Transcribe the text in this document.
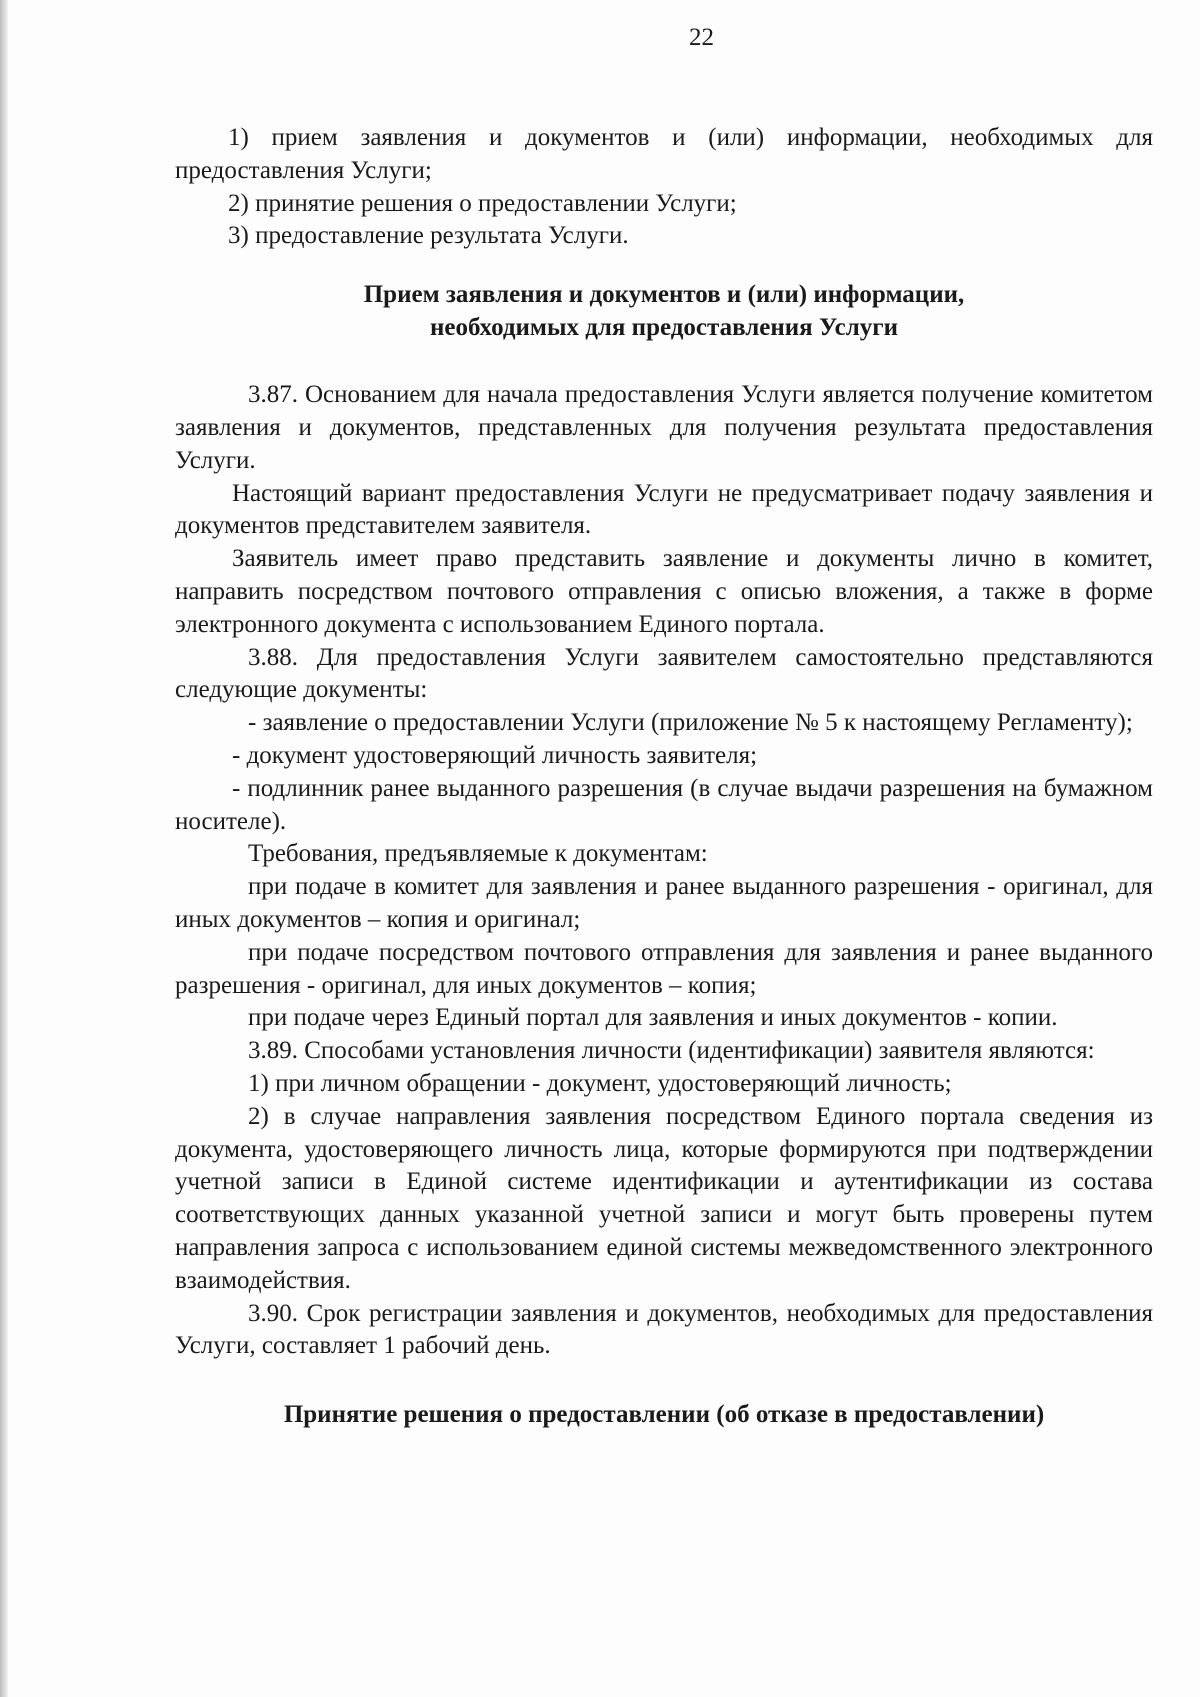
22

1) прием заявления и документов и (или) информации, необходимых для предоставления Услуги;

2) принятие решения о предоставлении Услуги;

3) предоставление результата Услуги.

Прием заявления и документов и (или) информации,

необходимых для предоставления Услуги

3.87. Основанием для начала предоставления Услуги является получение комитетом заявления и документов, представленных для получения результата предоставления Услуги.

Настоящий вариант предоставления Услуги не предусматривает подачу заявления и документов представителем заявителя.

Заявитель имеет право представить заявление и документы лично в комитет, направить посредством почтового отправления с описью вложения, а также в форме электронного документа с использованием Единого портала.

3.88. Для предоставления Услуги заявителем самостоятельно представляются следующие документы:

- заявление о предоставлении Услуги (приложение № 5 к настоящему Регламенту);

- документ удостоверяющий личность заявителя;

- подлинник ранее выданного разрешения (в случае выдачи разрешения на бумажном носителе).

Требования, предъявляемые к документам:

при подаче в комитет для заявления и ранее выданного разрешения - оригинал, для иных документов – копия и оригинал;

при подаче посредством почтового отправления для заявления и ранее выданного разрешения - оригинал, для иных документов – копия;

при подаче через Единый портал для заявления и иных документов - копии.

3.89. Способами установления личности (идентификации) заявителя являются:

1) при личном обращении - документ, удостоверяющий личность;

2) в случае направления заявления посредством Единого портала сведения из документа, удостоверяющего личность лица, которые формируются при подтверждении учетной записи в Единой системе идентификации и аутентификации из состава соответствующих данных указанной учетной записи и могут быть проверены путем направления запроса с использованием единой системы межведомственного электронного взаимодействия.

3.90. Срок регистрации заявления и документов, необходимых для предоставления Услуги, составляет 1 рабочий день.

Принятие решения о предоставлении (об отказе в предоставлении)
